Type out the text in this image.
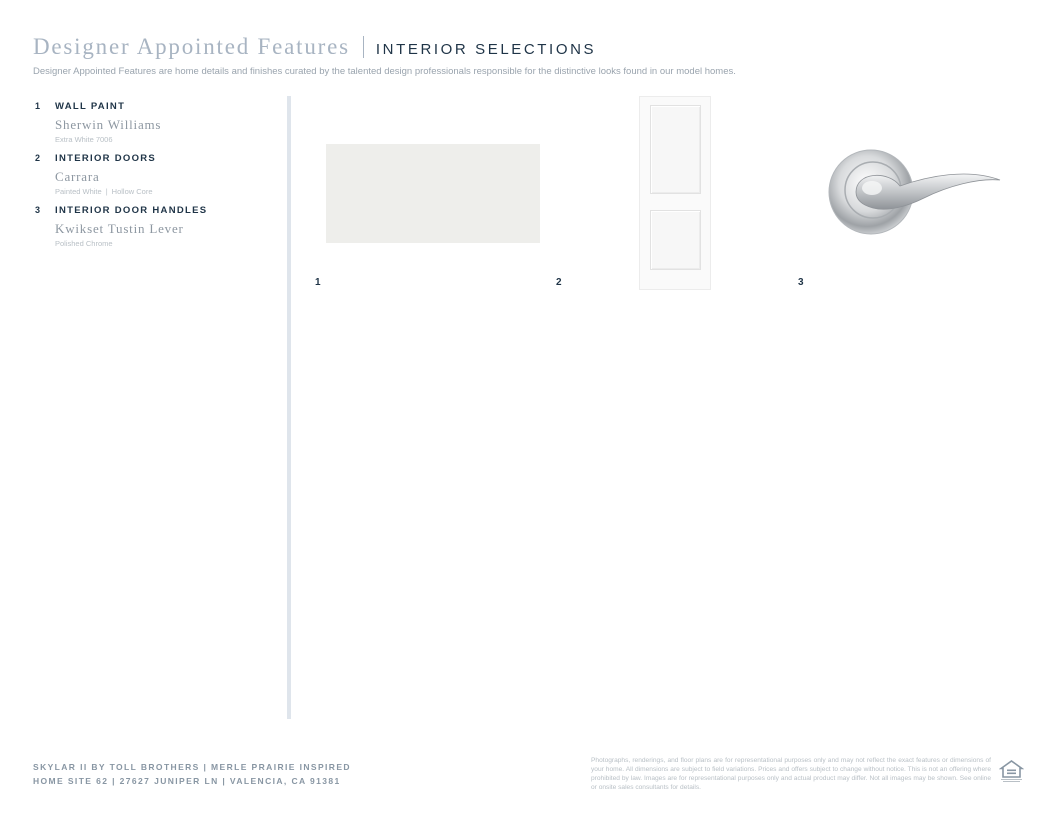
Designer Appointed Features INTERIOR SELECTIONS
Designer Appointed Features are home details and finishes curated by the talented design professionals responsible for the distinctive looks found in our model homes.
1	WALL PAINT
Sherwin Williams
Extra White 7006
2	INTERIOR DOORS
Carrara
Painted White | Hollow Core
3	INTERIOR DOOR HANDLES
Kwikset Tustin Lever
Polished Chrome
1	2	3
SKYLAR II BY TOLL BROTHERS | MERLE PRAIRIE INSPIRED
HOME SITE 62 | 27627 JUNIPER LN | VALENCIA, CA 91381
Photographs, renderings, and floor plans are for representational purposes only and may not reflect the exact features or dimensions of your home. All dimensions are subject to field variations. Prices and offers subject to change without notice. This is not an offering where prohibited by law. Images are for representational purposes only and actual product may differ. Not all images may be shown. See online or onsite sales consultants for details.
